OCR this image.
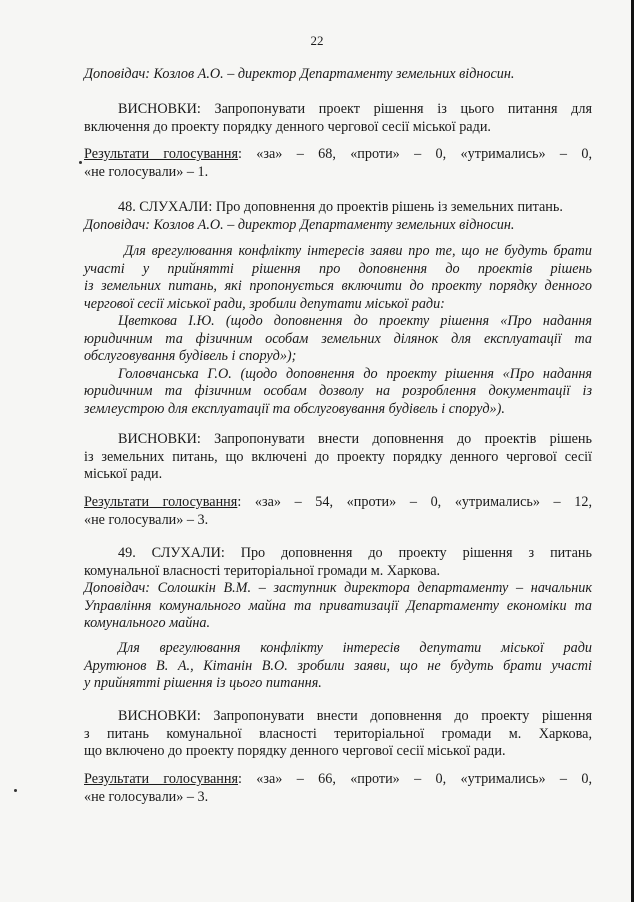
22
Доповідач: Козлов А.О. – директор Департаменту земельних відносин.
ВИСНОВКИ: Запропонувати проект рішення із цього питання для
включення до проекту порядку денного чергової сесії міської ради.
Результати голосування: «за» – 68, «проти» – 0, «утримались» – 0,
«не голосували» – 1.
48. СЛУХАЛИ: Про доповнення до проектів рішень із земельних питань.
Доповідач: Козлов А.О. – директор Департаменту земельних відносин.
Для врегулювання конфлікту інтересів заяви про те, що не будуть брати
участі у прийнятті рішення про доповнення до проектів рішень
із земельних питань, які пропонується включити до проекту порядку денного
чергової сесії міської ради, зробили депутати міської ради:
Цветкова І.Ю. (щодо доповнення до проекту рішення «Про надання
юридичним та фізичним особам земельних ділянок для експлуатації та
обслуговування будівель і споруд»);
Головчанська Г.О. (щодо доповнення до проекту рішення «Про надання
юридичним та фізичним особам дозволу на розроблення документації із
землеустрою для експлуатації та обслуговування будівель і споруд»).
ВИСНОВКИ: Запропонувати внести доповнення до проектів рішень
із земельних питань, що включені до проекту порядку денного чергової сесії
міської ради.
Результати голосування: «за» – 54, «проти» – 0, «утримались» – 12,
«не голосували» – 3.
49. СЛУХАЛИ: Про доповнення до проекту рішення з питань
комунальної власності територіальної громади м. Харкова.
Доповідач: Солошкін В.М. – заступник директора департаменту – начальник
Управління комунального майна та приватизації Департаменту економіки та
комунального майна.
Для врегулювання конфлікту інтересів депутати міської ради
Арутюнов В. А., Кітанін В.О. зробили заяви, що не будуть брати участі
у прийнятті рішення із цього питання.
ВИСНОВКИ: Запропонувати внести доповнення до проекту рішення
з питань комунальної власності територіальної громади м. Харкова,
що включено до проекту порядку денного чергової сесії міської ради.
Результати голосування: «за» – 66, «проти» – 0, «утримались» – 0,
«не голосували» – 3.
